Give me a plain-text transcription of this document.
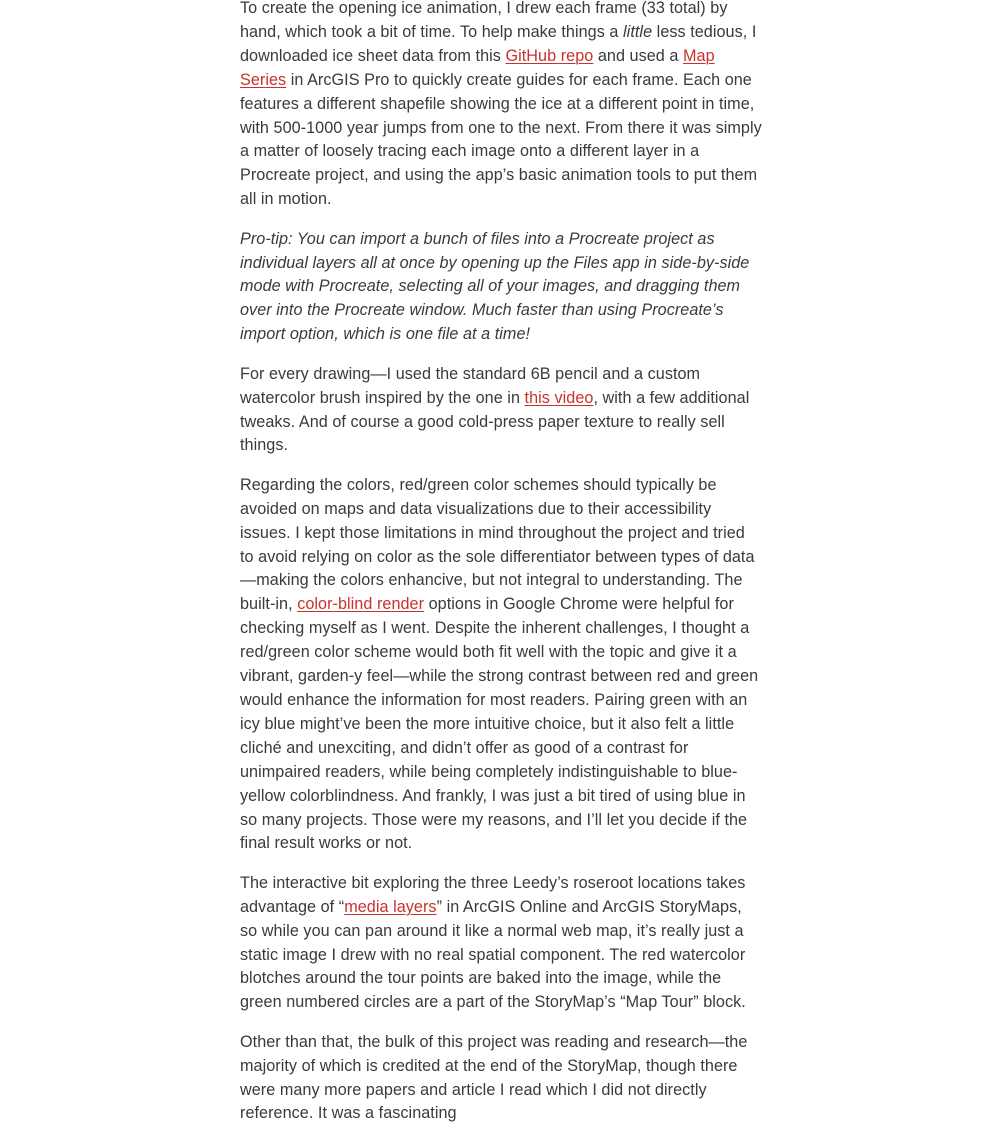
To create the opening ice animation, I drew each frame (33 total) by hand, which took a bit of time. To help make things a little less tedious, I downloaded ice sheet data from this GitHub repo and used a Map Series in ArcGIS Pro to quickly create guides for each frame. Each one features a different shapefile showing the ice at a different point in time, with 500-1000 year jumps from one to the next. From there it was simply a matter of loosely tracing each image onto a different layer in a Procreate project, and using the app’s basic animation tools to put them all in motion.

Pro-tip: You can import a bunch of files into a Procreate project as individual layers all at once by opening up the Files app in side-by-side mode with Procreate, selecting all of your images, and dragging them over into the Procreate window. Much faster than using Procreate’s import option, which is one file at a time!

For every drawing—I used the standard 6B pencil and a custom watercolor brush inspired by the one in this video, with a few additional tweaks. And of course a good cold-press paper texture to really sell things.

Regarding the colors, red/green color schemes should typically be avoided on maps and data visualizations due to their accessibility issues. I kept those limitations in mind throughout the project and tried to avoid relying on color as the sole differentiator between types of data—making the colors enhancive, but not integral to understanding. The built-in, color-blind render options in Google Chrome were helpful for checking myself as I went. Despite the inherent challenges, I thought a red/green color scheme would both fit well with the topic and give it a vibrant, garden-y feel—while the strong contrast between red and green would enhance the information for most readers. Pairing green with an icy blue might’ve been the more intuitive choice, but it also felt a little cliché and unexciting, and didn’t offer as good of a contrast for unimpaired readers, while being completely indistinguishable to blue-yellow colorblindness. And frankly, I was just a bit tired of using blue in so many projects. Those were my reasons, and I’ll let you decide if the final result works or not.

The interactive bit exploring the three Leedy’s roseroot locations takes advantage of “media layers” in ArcGIS Online and ArcGIS StoryMaps, so while you can pan around it like a normal web map, it’s really just a static image I drew with no real spatial component. The red watercolor blotches around the tour points are baked into the image, while the green numbered circles are a part of the StoryMap’s “Map Tour” block.

Other than that, the bulk of this project was reading and research—the majority of which is credited at the end of the StoryMap, though there were many more papers and article I read which I did not directly reference. It was a fascinating
